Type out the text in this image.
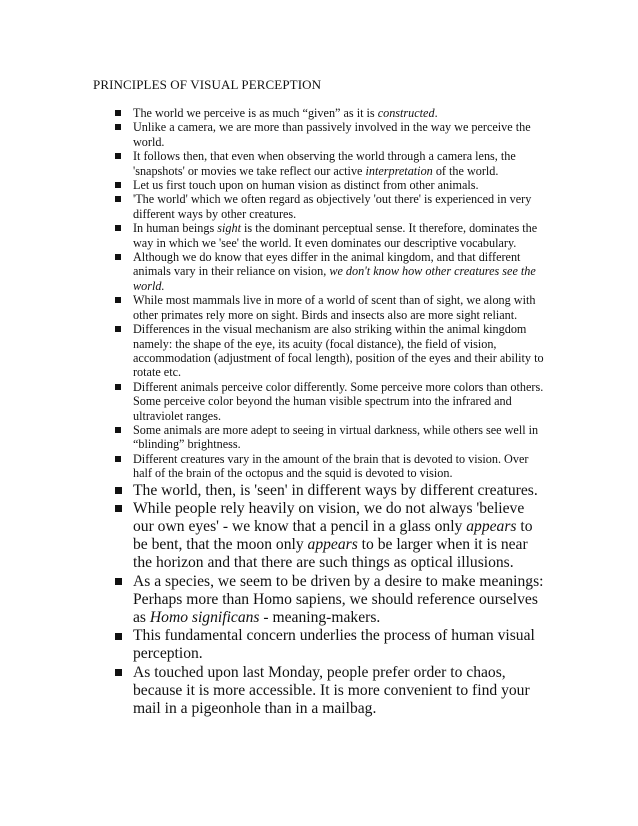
PRINCIPLES OF VISUAL PERCEPTION
The world we perceive is as much “given” as it is constructed.
Unlike a camera, we are more than passively involved in the way we perceive the world.
It follows then, that even when observing the world through a camera lens, the 'snapshots' or movies we take reflect our active interpretation of the world.
Let us first touch upon on human vision as distinct from other animals.
'The world' which we often regard as objectively 'out there' is experienced in very different ways by other creatures.
In human beings sight is the dominant perceptual sense. It therefore, dominates the way in which we 'see' the world. It even dominates our descriptive vocabulary.
Although we do know that eyes differ in the animal kingdom, and that different animals vary in their reliance on vision, we don't know how other creatures see the world.
While most mammals live in more of a world of scent than of sight, we along with other primates rely more on sight. Birds and insects also are more sight reliant.
Differences in the visual mechanism are also striking within the animal kingdom namely: the shape of the eye, its acuity (focal distance), the field of vision, accommodation (adjustment of focal length), position of the eyes and their ability to rotate etc.
Different animals perceive color differently. Some perceive more colors than others. Some perceive color beyond the human visible spectrum into the infrared and ultraviolet ranges.
Some animals are more adept to seeing in virtual darkness, while others see well in “blinding” brightness.
Different creatures vary in the amount of the brain that is devoted to vision. Over half of the brain of the octopus and the squid is devoted to vision.
The world, then, is 'seen' in different ways by different creatures.
While people rely heavily on vision, we do not always 'believe our own eyes' - we know that a pencil in a glass only appears to be bent, that the moon only appears to be larger when it is near the horizon and that there are such things as optical illusions.
As a species, we seem to be driven by a desire to make meanings: Perhaps more than Homo sapiens, we should reference ourselves as Homo significans - meaning-makers.
This fundamental concern underlies the process of human visual perception.
As touched upon last Monday, people prefer order to chaos, because it is more accessible. It is more convenient to find your mail in a pigeonhole than in a mailbag.
